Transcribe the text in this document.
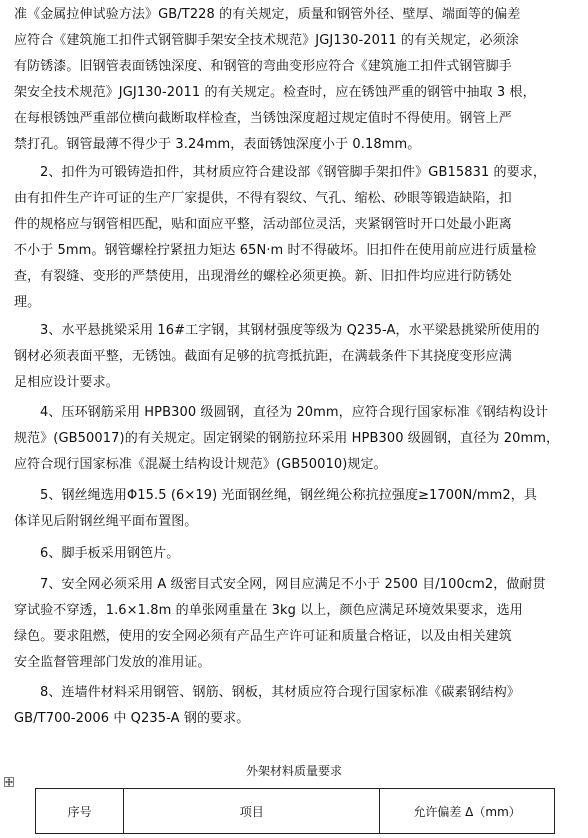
准《金属拉伸试验方法》GB/T228 的有关规定，质量和钢管外径、壁厚、端面等的偏差
应符合《建筑施工扣件式钢管脚手架安全技术规范》JGJ130-2011 的有关规定，必须涂
有防锈漆。旧钢管表面锈蚀深度、和钢管的弯曲变形应符合《建筑施工扣件式钢管脚手
架安全技术规范》JGJ130-2011 的有关规定。检查时，应在锈蚀严重的钢管中抽取 3 根，
在每根锈蚀严重部位横向截断取样检查，当锈蚀深度超过规定值时不得使用。钢管上严
禁打孔。钢管最薄不得少于 3.24mm，表面锈蚀深度小于 0.18mm。
2、扣件为可锻铸造扣件，其材质应符合建设部《钢管脚手架扣件》GB15831 的要求，
由有扣件生产许可证的生产厂家提供，不得有裂纹、气孔、缩松、砂眼等锻造缺陷，扣
件的规格应与钢管相匹配，贴和面应平整，活动部位灵活，夹紧钢管时开口处最小距离
不小于 5mm。钢管螺栓拧紧扭力矩达 65N·m 时不得破坏。旧扣件在使用前应进行质量检
查，有裂缝、变形的严禁使用，出现滑丝的螺栓必须更换。新、旧扣件均应进行防锈处
理。
3、水平悬挑梁采用 16#工字钢，其钢材强度等级为 Q235-A，水平梁悬挑梁所使用的
钢材必须表面平整，无锈蚀。截面有足够的抗弯抵抗距，在满载条件下其挠度变形应满
足相应设计要求。
4、压环钢筋采用 HPB300 级圆钢，直径为 20mm，应符合现行国家标准《钢结构设计
规范》(GB50017)的有关规定。固定钢梁的钢筋拉环采用 HPB300 级圆钢，直径为 20mm，
应符合现行国家标准《混凝土结构设计规范》(GB50010)规定。
5、钢丝绳选用Φ15.5 (6×19) 光面钢丝绳，钢丝绳公称抗拉强度≥1700N/mm2，具
体详见后附钢丝绳平面布置图。
6、脚手板采用钢笆片。
7、安全网必须采用 A 级密目式安全网，网目应满足不小于 2500 目/100cm2，做耐贯
穿试验不穿透，1.6×1.8m 的单张网重量在 3kg 以上，颜色应满足环境效果要求，选用
绿色。要求阻燃，使用的安全网必须有产品生产许可证和质量合格证，以及由相关建筑
安全监督管理部门发放的准用证。
8、连墙件材料采用钢管、钢筋、钢板，其材质应符合现行国家标准《碳素钢结构》
GB/T700-2006 中 Q235-A 钢的要求。
外架材料质量要求
序号	项目	允许偏差 Δ（mm）
